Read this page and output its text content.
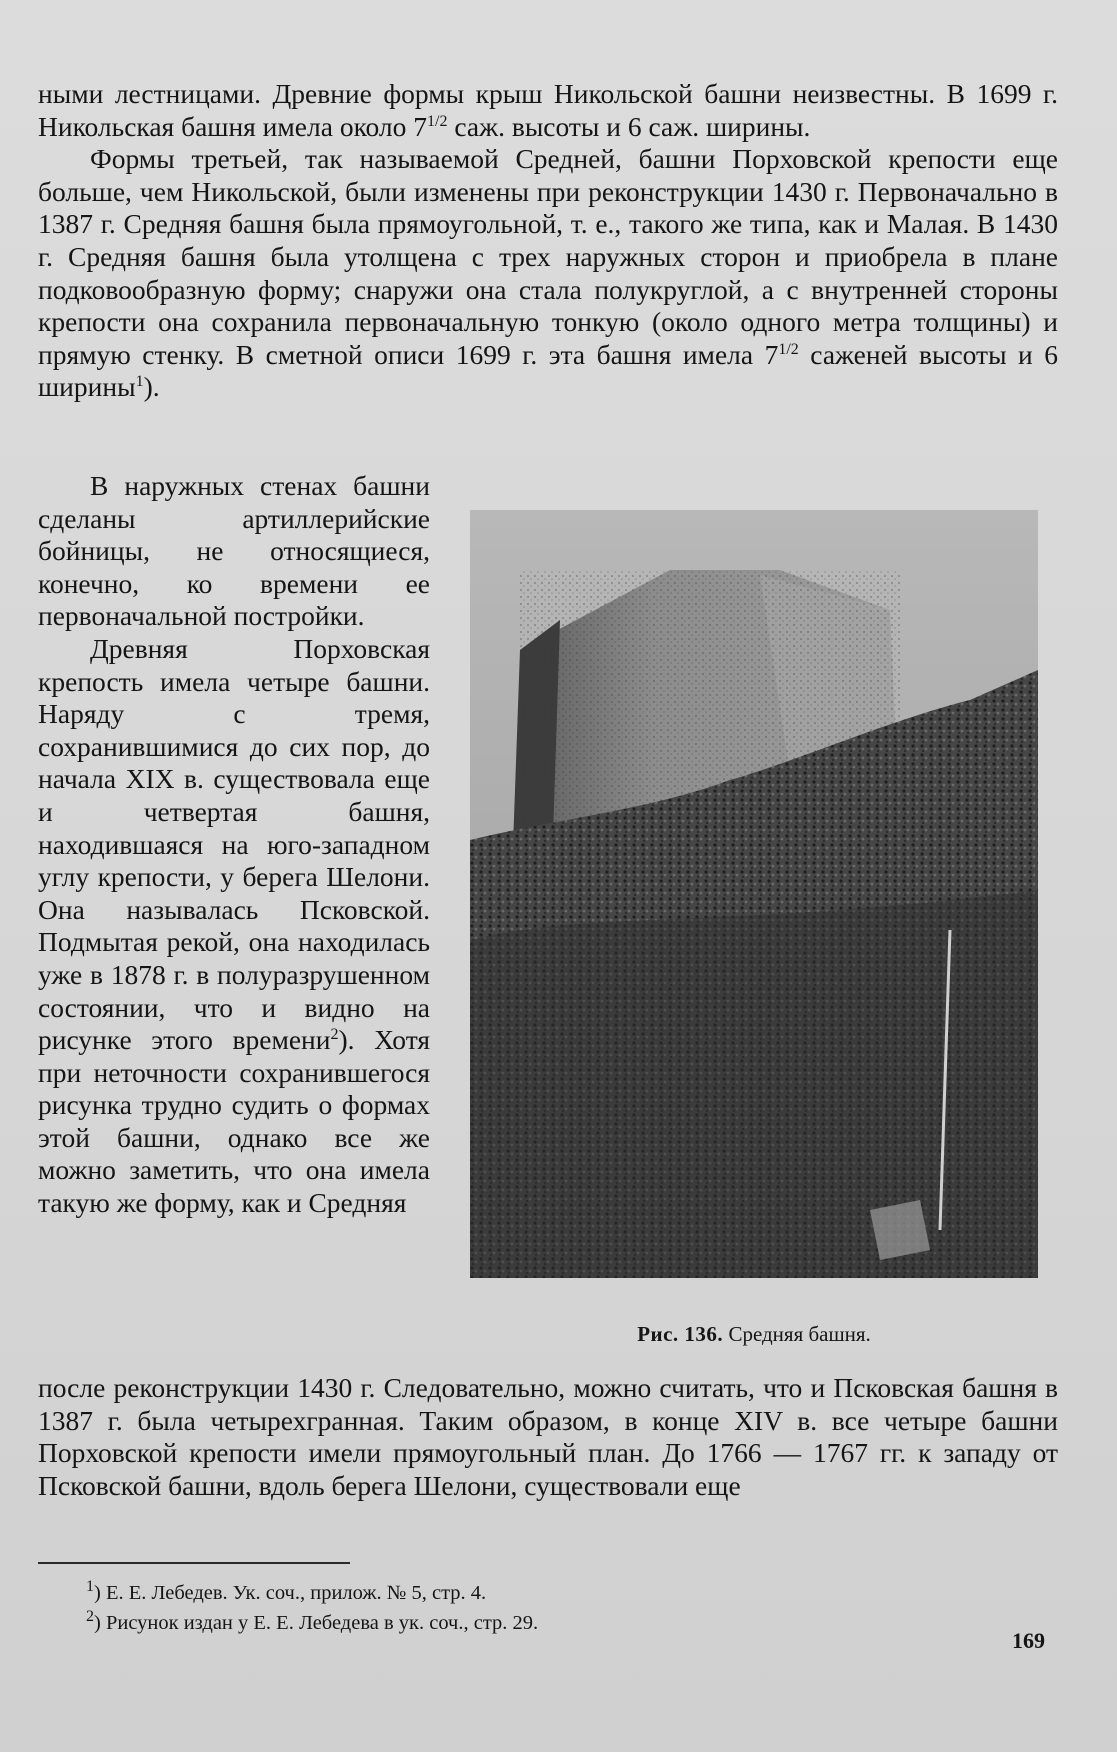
ными лестницами. Древние формы крыш Никольской башни неизвестны. В 1699 г. Никольская башня имела около $7^{1/2}$ саж. высоты и 6 саж. ширины.

Формы третьей, так называемой Средней, башни Порховской крепости еще больше, чем Никольской, были изменены при реконструкции 1430 г. Первоначально в 1387 г. Средняя башня была прямоугольной, т. е., такого же типа, как и Малая. В 1430 г. Средняя башня была утолщена с трех наружных сторон и приобрела в плане подковообразную форму; снаружи она стала полукруглой, а с внутренней стороны крепости она сохранила первоначальную тонкую (около одного метра толщины) и прямую стенку. В сметной описи 1699 г. эта башня имела $7^{1/2}$ саженей высоты и 6 ширины$^1$).

В наружных стенах башни сделаны артиллерийские бойницы, не относящиеся, конечно, ко времени ее первоначальной постройки.

Древняя Порховская крепость имела четыре башни. Наряду с тремя, сохранившимися до сих пор, до начала XIX в. существовала еще и четвертая башня, находившаяся на юго-западном углу крепости, у берега Шелони. Она называлась Псковской. Подмытая рекой, она находилась уже в 1878 г. в полуразрушенном состоянии, что и видно на рисунке этого времени$^2$). Хотя при неточности сохранившегося рисунка трудно судить о формах этой башни, однако все же можно заметить, что она имела такую же форму, как и Средняя

Рис. 136. Средняя башня.

после реконструкции 1430 г. Следовательно, можно считать, что и Псковская башня в 1387 г. была четырехгранная. Таким образом, в конце XIV в. все четыре башни Порховской крепости имели прямоугольный план. До 1766 — 1767 гг. к западу от Псковской башни, вдоль берега Шелони, существовали еще

$^1$) Е. Е. Лебедев. Ук. соч., прилож. № 5, стр. 4.
$^2$) Рисунок издан у Е. Е. Лебедева в ук. соч., стр. 29.
169
